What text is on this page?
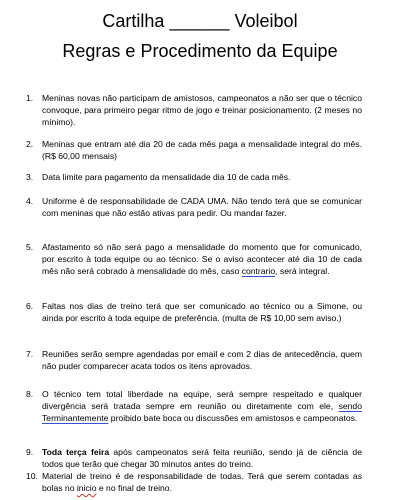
Cartilha ______ Voleibol
Regras e Procedimento da Equipe
1.	Meninas novas não participam de amistosos, campeonatos a não ser que o técnico convoque, para primeiro pegar ritmo de jogo e treinar posicionamento. (2 meses no mínimo).
2.	Meninas que entram até dia 20 de cada mês paga a mensalidade integral do mês. (R$ 60,00 mensais)
3.	Data limite para pagamento da mensalidade dia 10 de cada mês.
4.	Uniforme é de responsabilidade de CADA UMA. Não tendo terá que se comunicar com meninas que não estão ativas para pedir. Ou mandar fazer.
5.	Afastamento só não será pago a mensalidade do momento que for comunicado, por escrito à toda equipe ou ao técnico. Se o aviso acontecer até dia 10 de cada mês não será cobrado à mensalidade do mês, caso contrario, será integral.
6.	Faltas nos dias de treino terá que ser comunicado ao técnico ou a Simone, ou ainda por escrito à toda equipe de preferência. (multa de R$ 10,00 sem aviso.)
7.	Reuniões serão sempre agendadas por email e com 2 dias de antecedência, quem não puder comparecer acata todos os itens aprovados.
8.	O técnico tem total liberdade na equipe, será sempre respeitado e qualquer divergência será tratada sempre em reunião ou diretamente com ele, sendo Terminantemente proibido bate boca ou discussões em amistosos e campeonatos.
9.	Toda terça feira após campeonatos será feita reunião, sendo já de ciência de todos que terão que chegar 30 minutos antes do treino.
10. Material de treino é de responsabilidade de todas. Terá que serem contadas as bolas no inicio e no final de treino.
